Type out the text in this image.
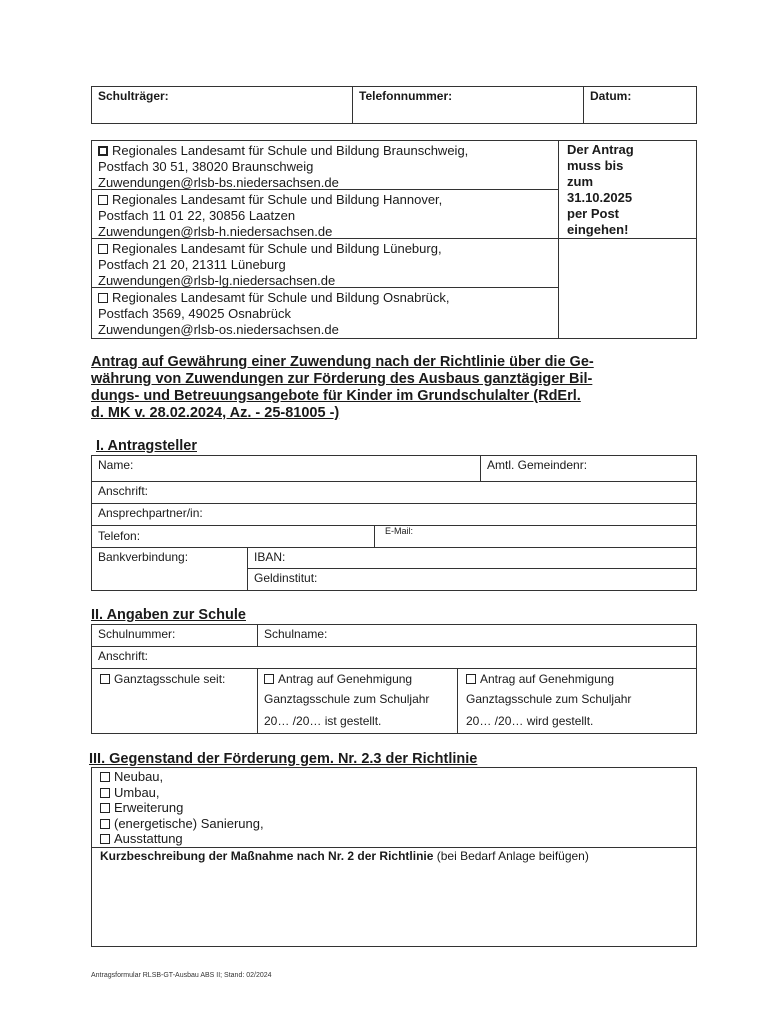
Schulträger:	Telefonnummer:	Datum:
Regionales Landesamt für Schule und Bildung Braunschweig,
Postfach 30 51, 38020 Braunschweig
Zuwendungen@rlsb-bs.niedersachsen.de
Regionales Landesamt für Schule und Bildung Hannover,
Postfach 11 01 22, 30856 Laatzen
Zuwendungen@rlsb-h.niedersachsen.de
Regionales Landesamt für Schule und Bildung Lüneburg,
Postfach 21 20, 21311 Lüneburg
Zuwendungen@rlsb-lg.niedersachsen.de
Regionales Landesamt für Schule und Bildung Osnabrück,
Postfach 3569, 49025 Osnabrück
Zuwendungen@rlsb-os.niedersachsen.de
Der Antrag
muss bis
zum
31.10.2025
per Post
eingehen!
Antrag auf Gewährung einer Zuwendung nach der Richtlinie über die Ge-
währung von Zuwendungen zur Förderung des Ausbaus ganztägiger Bil-
dungs- und Betreuungsangebote für Kinder im Grundschulalter (RdErl.
d. MK v. 28.02.2024, Az. - 25-81005 -)
I. Antragsteller
Name:	Amtl. Gemeindenr:
Anschrift:
Ansprechpartner/in:
Telefon:	E-Mail:
Bankverbindung:	IBAN:
Geldinstitut:
II. Angaben zur Schule
Schulnummer:	Schulname:
Anschrift:
Ganztagsschule seit:	Antrag auf Genehmigung
Ganztagsschule zum Schuljahr
20… /20… ist gestellt.
Antrag auf Genehmigung
Ganztagsschule zum Schuljahr
20… /20… wird gestellt.
III. Gegenstand der Förderung gem. Nr. 2.3 der Richtlinie
Neubau,
Umbau,
Erweiterung
(energetische) Sanierung,
Ausstattung
Kurzbeschreibung der Maßnahme nach Nr. 2 der Richtlinie (bei Bedarf Anlage beifügen)
Antragsformular RLSB-GT-Ausbau ABS II; Stand: 02/2024
